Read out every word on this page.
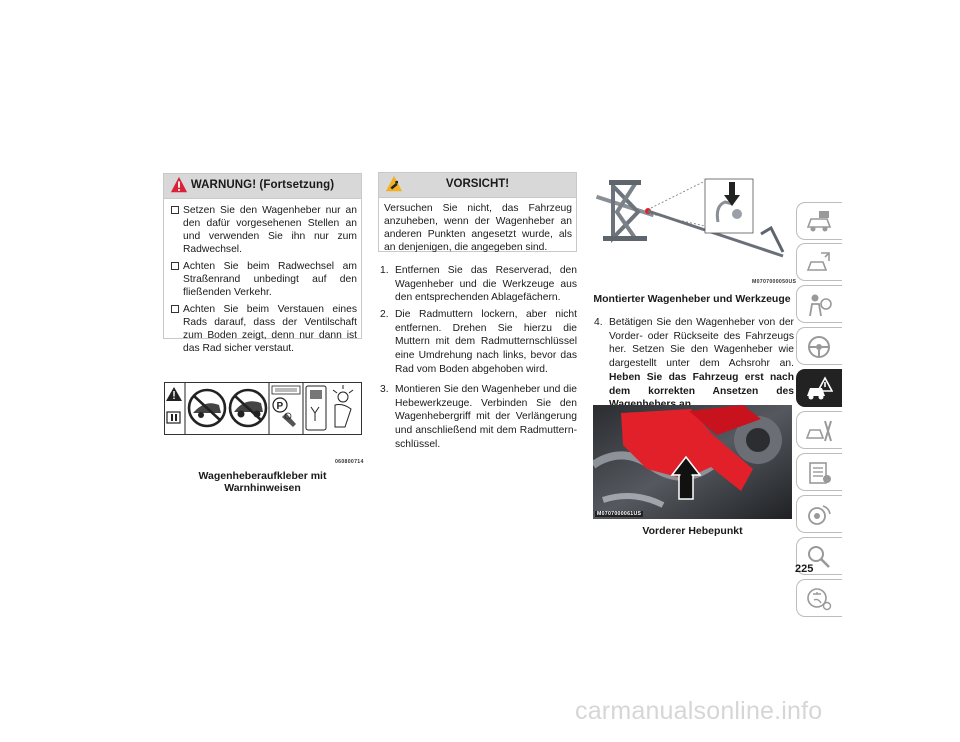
WARNUNG! (Fortsetzung)
Setzen Sie den Wagenheber nur an den dafür vorgesehenen Stellen an und verwenden Sie ihn nur zum Radwechsel.
Achten Sie beim Radwechsel am Straßenrand unbedingt auf den fließenden Verkehr.
Achten Sie beim Verstauen eines Rads darauf, dass der Ventilschaft zum Boden zeigt, denn nur dann ist das Rad sicher verstaut.
P
060800714
Wagenheberaufkleber mit Warnhinweisen
VORSICHT!
Versuchen Sie nicht, das Fahrzeug anzuheben, wenn der Wagenheber an anderen Punkten angesetzt wurde, als an denjenigen, die angegeben sind.
1. Entfernen Sie das Reserverad, den Wagenheber und die Werkzeuge aus den entsprechenden Ablagefächern.
2. Die Radmuttern lockern, aber nicht entfernen. Drehen Sie hierzu die Muttern mit dem Radmutternschlüssel eine Umdrehung nach links, bevor das Rad vom Boden abgehoben wird.
3. Montieren Sie den Wagenheber und die Hebewerkzeuge. Verbinden Sie den Wagenhebergriff mit der Verlängerung und anschließend mit dem Radmutternschlüssel.
M0707000050US
Montierter Wagenheber und Werkzeuge
4. Betätigen Sie den Wagenheber von der Vorder- oder Rückseite des Fahrzeugs her. Setzen Sie den Wagenheber wie dargestellt unter dem Achsrohr an. Heben Sie das Fahrzeug erst nach dem korrekten Ansetzen des
M0707000061US
Vorderer Hebepunkt
225
carmanualsonline.info
